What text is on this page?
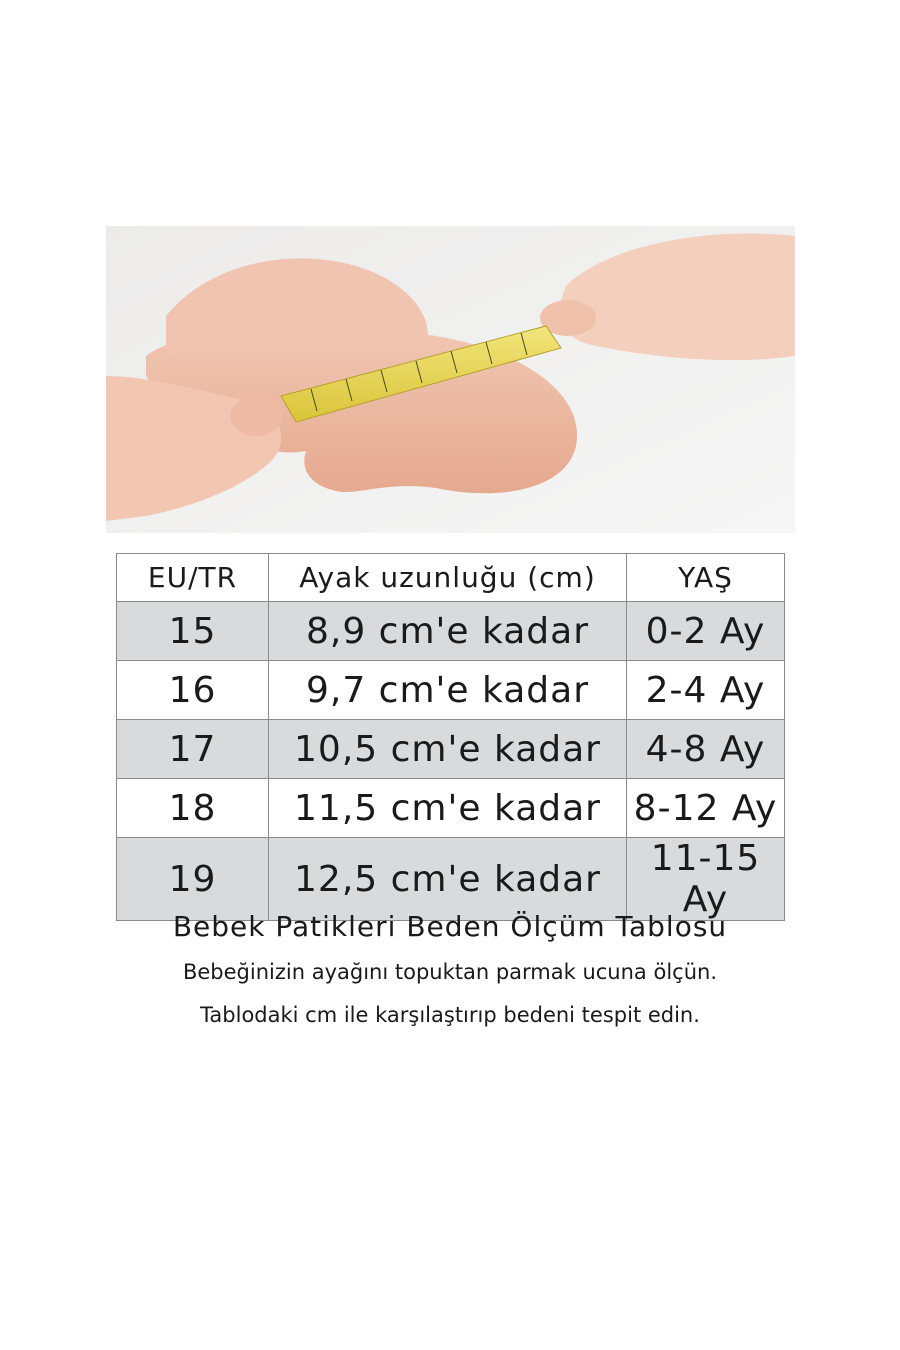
EU/TR	Ayak uzunluğu (cm)	YAŞ
15	8,9 cm'e kadar	0-2 Ay
16	9,7 cm'e kadar	2-4 Ay
17	10,5 cm'e kadar	4-8 Ay
18	11,5 cm'e kadar	8-12 Ay
19	12,5 cm'e kadar	11-15 Ay
Bebek Patikleri Beden Ölçüm Tablosu
Bebeğinizin ayağını topuktan parmak ucuna ölçün.
Tablodaki cm ile karşılaştırıp bedeni tespit edin.
